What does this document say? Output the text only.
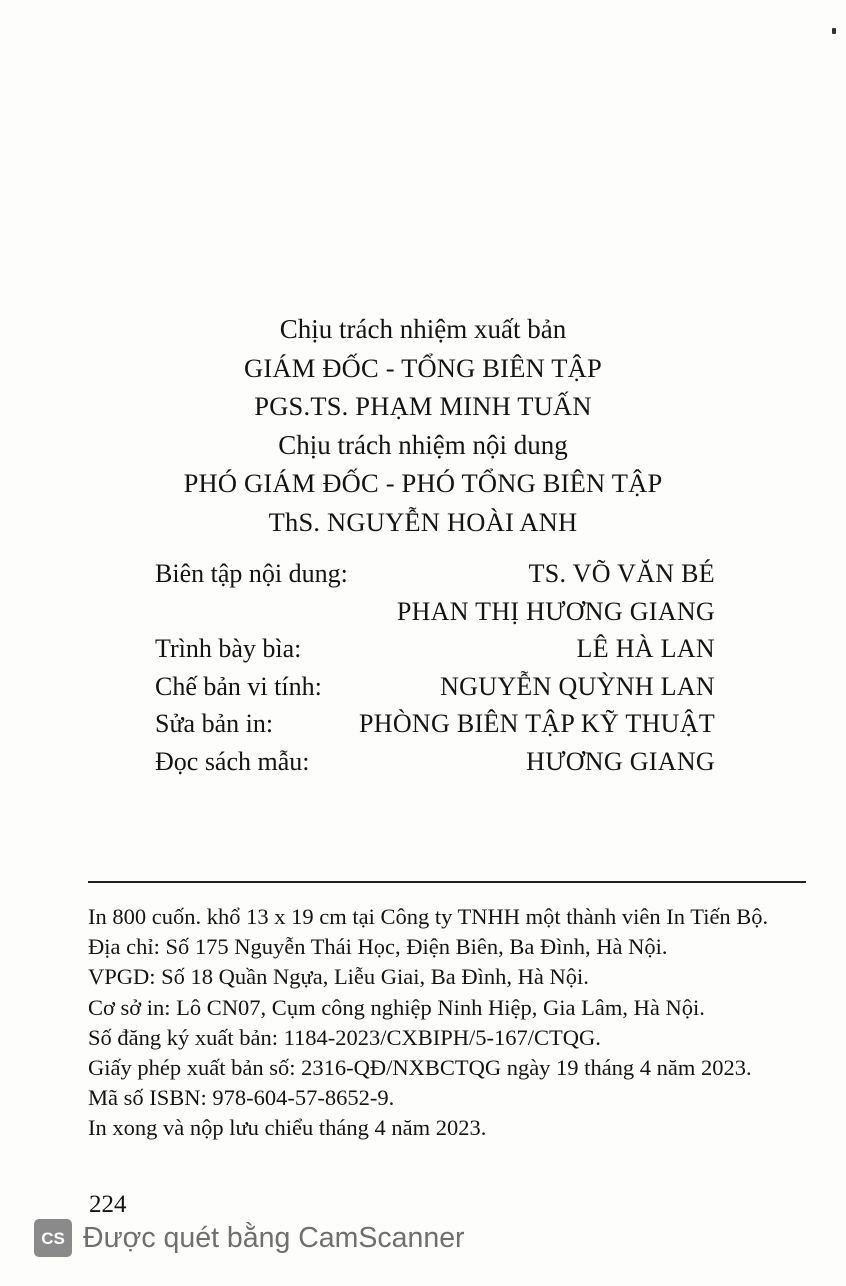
Chịu trách nhiệm xuất bản
GIÁM ĐỐC - TỔNG BIÊN TẬP
PGS.TS. PHẠM MINH TUẤN
Chịu trách nhiệm nội dung
PHÓ GIÁM ĐỐC - PHÓ TỔNG BIÊN TẬP
ThS. NGUYỄN HOÀI ANH
Biên tập nội dung:	TS. VÕ VĂN BÉ
PHAN THỊ HƯƠNG GIANG
Trình bày bìa:	LÊ HÀ LAN
Chế bản vi tính:	NGUYỄN QUỲNH LAN
Sửa bản in:	PHÒNG BIÊN TẬP KỸ THUẬT
Đọc sách mẫu:	HƯƠNG GIANG
In 800 cuốn. khổ 13 x 19 cm tại Công ty TNHH một thành viên In Tiến Bộ.
Địa chỉ: Số 175 Nguyễn Thái Học, Điện Biên, Ba Đình, Hà Nội.
VPGD: Số 18 Quần Ngựa, Liễu Giai, Ba Đình, Hà Nội.
Cơ sở in: Lô CN07, Cụm công nghiệp Ninh Hiệp, Gia Lâm, Hà Nội.
Số đăng ký xuất bản: 1184-2023/CXBIPH/5-167/CTQG.
Giấy phép xuất bản số: 2316-QĐ/NXBCTQG ngày 19 tháng 4 năm 2023.
Mã số ISBN: 978-604-57-8652-9.
In xong và nộp lưu chiểu tháng 4 năm 2023.
224
CS Được quét bằng CamScanner
